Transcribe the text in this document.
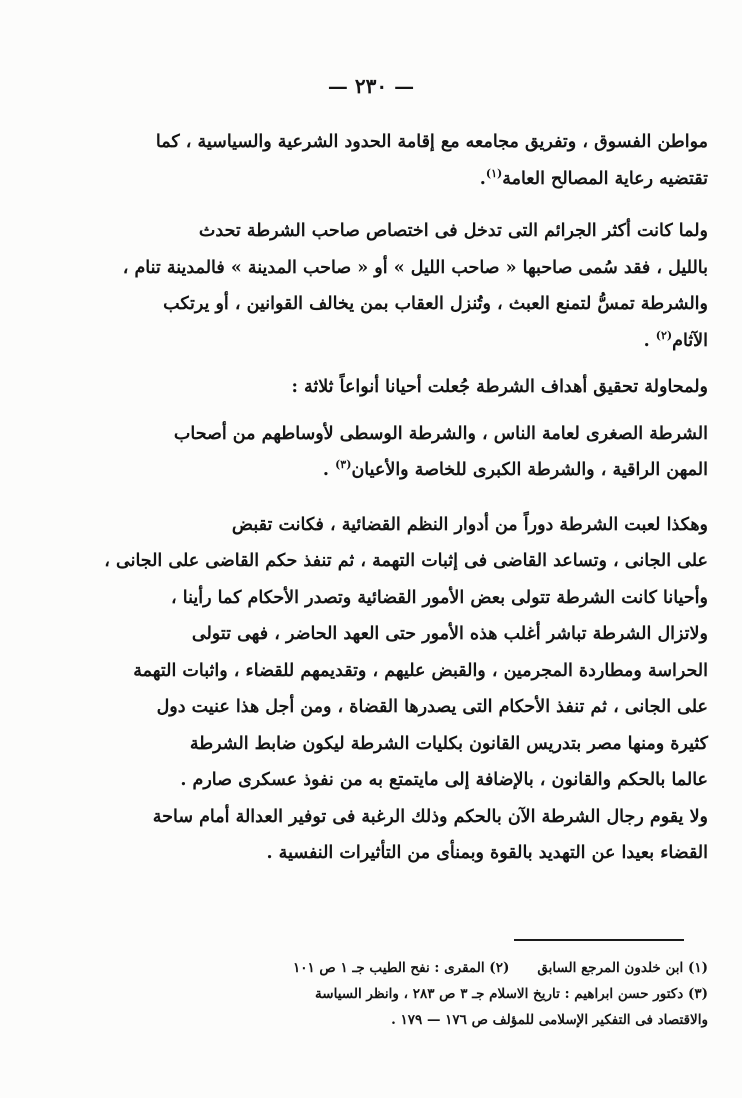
— ٢٣٠ —

مواطن الفسوق ، وتفريق مجامعه مع إقامة الحدود الشرعية والسياسية ، كما
تقتضيه رعاية المصالح العامة$^{(١)}$.

ولما كانت أكثر الجرائم التى تدخل فى اختصاص صاحب الشرطة تحدث
بالليل ، فقد سُمى صاحبها « صاحب الليل » أو « صاحب المدينة » فالمدينة تنام ،
والشرطة تمسُّ لتمنع العبث ، وتُنزل العقاب بمن يخالف القوانين ، أو يرتكب
الآثام$^{(٢)}$ .

ولمحاولة تحقيق أهداف الشرطة جُعلت أحيانا أنواعاً ثلاثة :

الشرطة الصغرى لعامة الناس ، والشرطة الوسطى لأوساطهم من أصحاب
المهن الراقية ، والشرطة الكبرى للخاصة والأعيان$^{(٣)}$ .

وهكذا لعبت الشرطة دوراً من أدوار النظم القضائية ، فكانت تقبض
على الجانى ، وتساعد القاضى فى إثبات التهمة ، ثم تنفذ حكم القاضى على الجانى ،
وأحيانا كانت الشرطة تتولى بعض الأمور القضائية وتصدر الأحكام كما رأينا ،
ولاتزال الشرطة تباشر أغلب هذه الأمور حتى العهد الحاضر ، فهى تتولى
الحراسة ومطاردة المجرمين ، والقبض عليهم ، وتقديمهم للقضاء ، واثبات التهمة
على الجانى ، ثم تنفذ الأحكام التى يصدرها القضاة ، ومن أجل هذا عنيت دول
كثيرة ومنها مصر بتدريس القانون بكليات الشرطة ليكون ضابط الشرطة
عالما بالحكم والقانون ، بالإضافة إلى مايتمتع به من نفوذ عسكرى صارم .
ولا يقوم رجال الشرطة الآن بالحكم وذلك الرغبة فى توفير العدالة أمام ساحة
القضاء بعيدا عن التهديد بالقوة وبمنأى من التأثيرات النفسية .

(١) ابن خلدون المرجع السابق(٢) المقرى : نفح الطيب جـ ١ ص ١٠١
(٣) دكتور حسن ابراهيم : تاريخ الاسلام جـ ٣ ص ٢٨٣ ، وانظر السياسة
والاقتصاد فى التفكير الإسلامى للمؤلف ص ١٧٦ — ١٧٩ .
